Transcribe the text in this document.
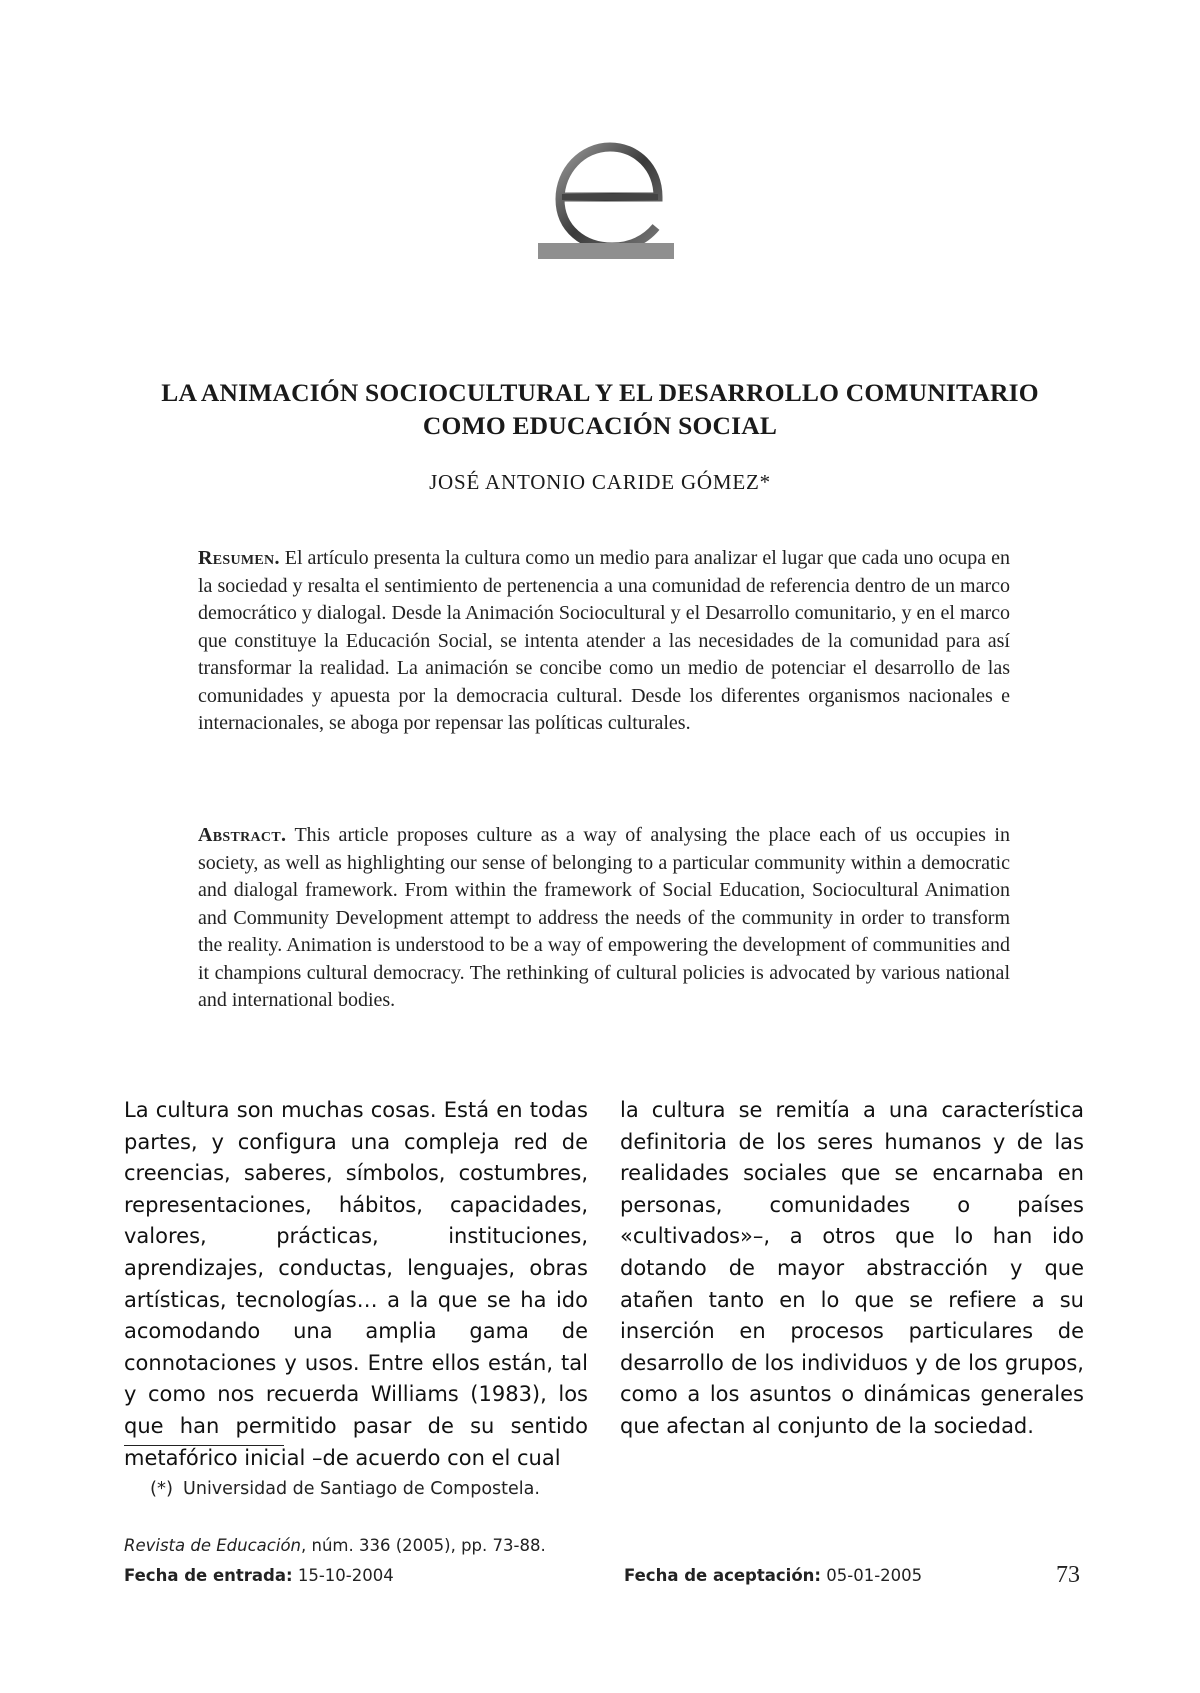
LA ANIMACIÓN SOCIOCULTURAL Y EL DESARROLLO COMUNITARIO
COMO EDUCACIÓN SOCIAL
JOSÉ ANTONIO CARIDE GÓMEZ*

Resumen. El artículo presenta la cultura como un medio para analizar el lugar que cada uno ocupa en la sociedad y resalta el sentimiento de pertenencia a una comunidad de referencia dentro de un marco democrático y dialogal. Desde la Animación Sociocultural y el Desarrollo comunitario, y en el marco que constituye la Educación Social, se intenta atender a las necesidades de la comunidad para así transformar la realidad. La animación se concibe como un medio de potenciar el desarrollo de las comunidades y apuesta por la democracia cultural. Desde los diferentes organismos nacionales e internacionales, se aboga por repensar las políticas culturales.

Abstract. This article proposes culture as a way of analysing the place each of us occupies in society, as well as highlighting our sense of belonging to a particular community within a democratic and dialogal framework. From within the framework of Social Education, Sociocultural Animation and Community Development attempt to address the needs of the community in order to transform the reality. Animation is understood to be a way of empowering the development of communities and it champions cultural democracy. The rethinking of cultural policies is advocated by various national and international bodies.

La cultura son muchas cosas. Está en todas partes, y configura una compleja red de creencias, saberes, símbolos, costumbres, representaciones, hábitos, capacidades, valores, prácticas, instituciones, aprendizajes, conductas, lenguajes, obras artísticas, tecnologías… a la que se ha ido acomodando una amplia gama de connotaciones y usos. Entre ellos están, tal y como nos recuerda Williams (1983), los que han permitido pasar de su sentido metafórico inicial –de acuerdo con el cual

la cultura se remitía a una característica definitoria de los seres humanos y de las realidades sociales que se encarnaba en personas, comunidades o países «cultivados»–, a otros que lo han ido dotando de mayor abstracción y que atañen tanto en lo que se refiere a su inserción en procesos particulares de desarrollo de los individuos y de los grupos, como a los asuntos o dinámicas generales que afectan al conjunto de la sociedad.

(*) Universidad de Santiago de Compostela.
Revista de Educación, núm. 336 (2005), pp. 73-88.
Fecha de entrada: 15-10-2004	Fecha de aceptación: 05-01-2005	73
